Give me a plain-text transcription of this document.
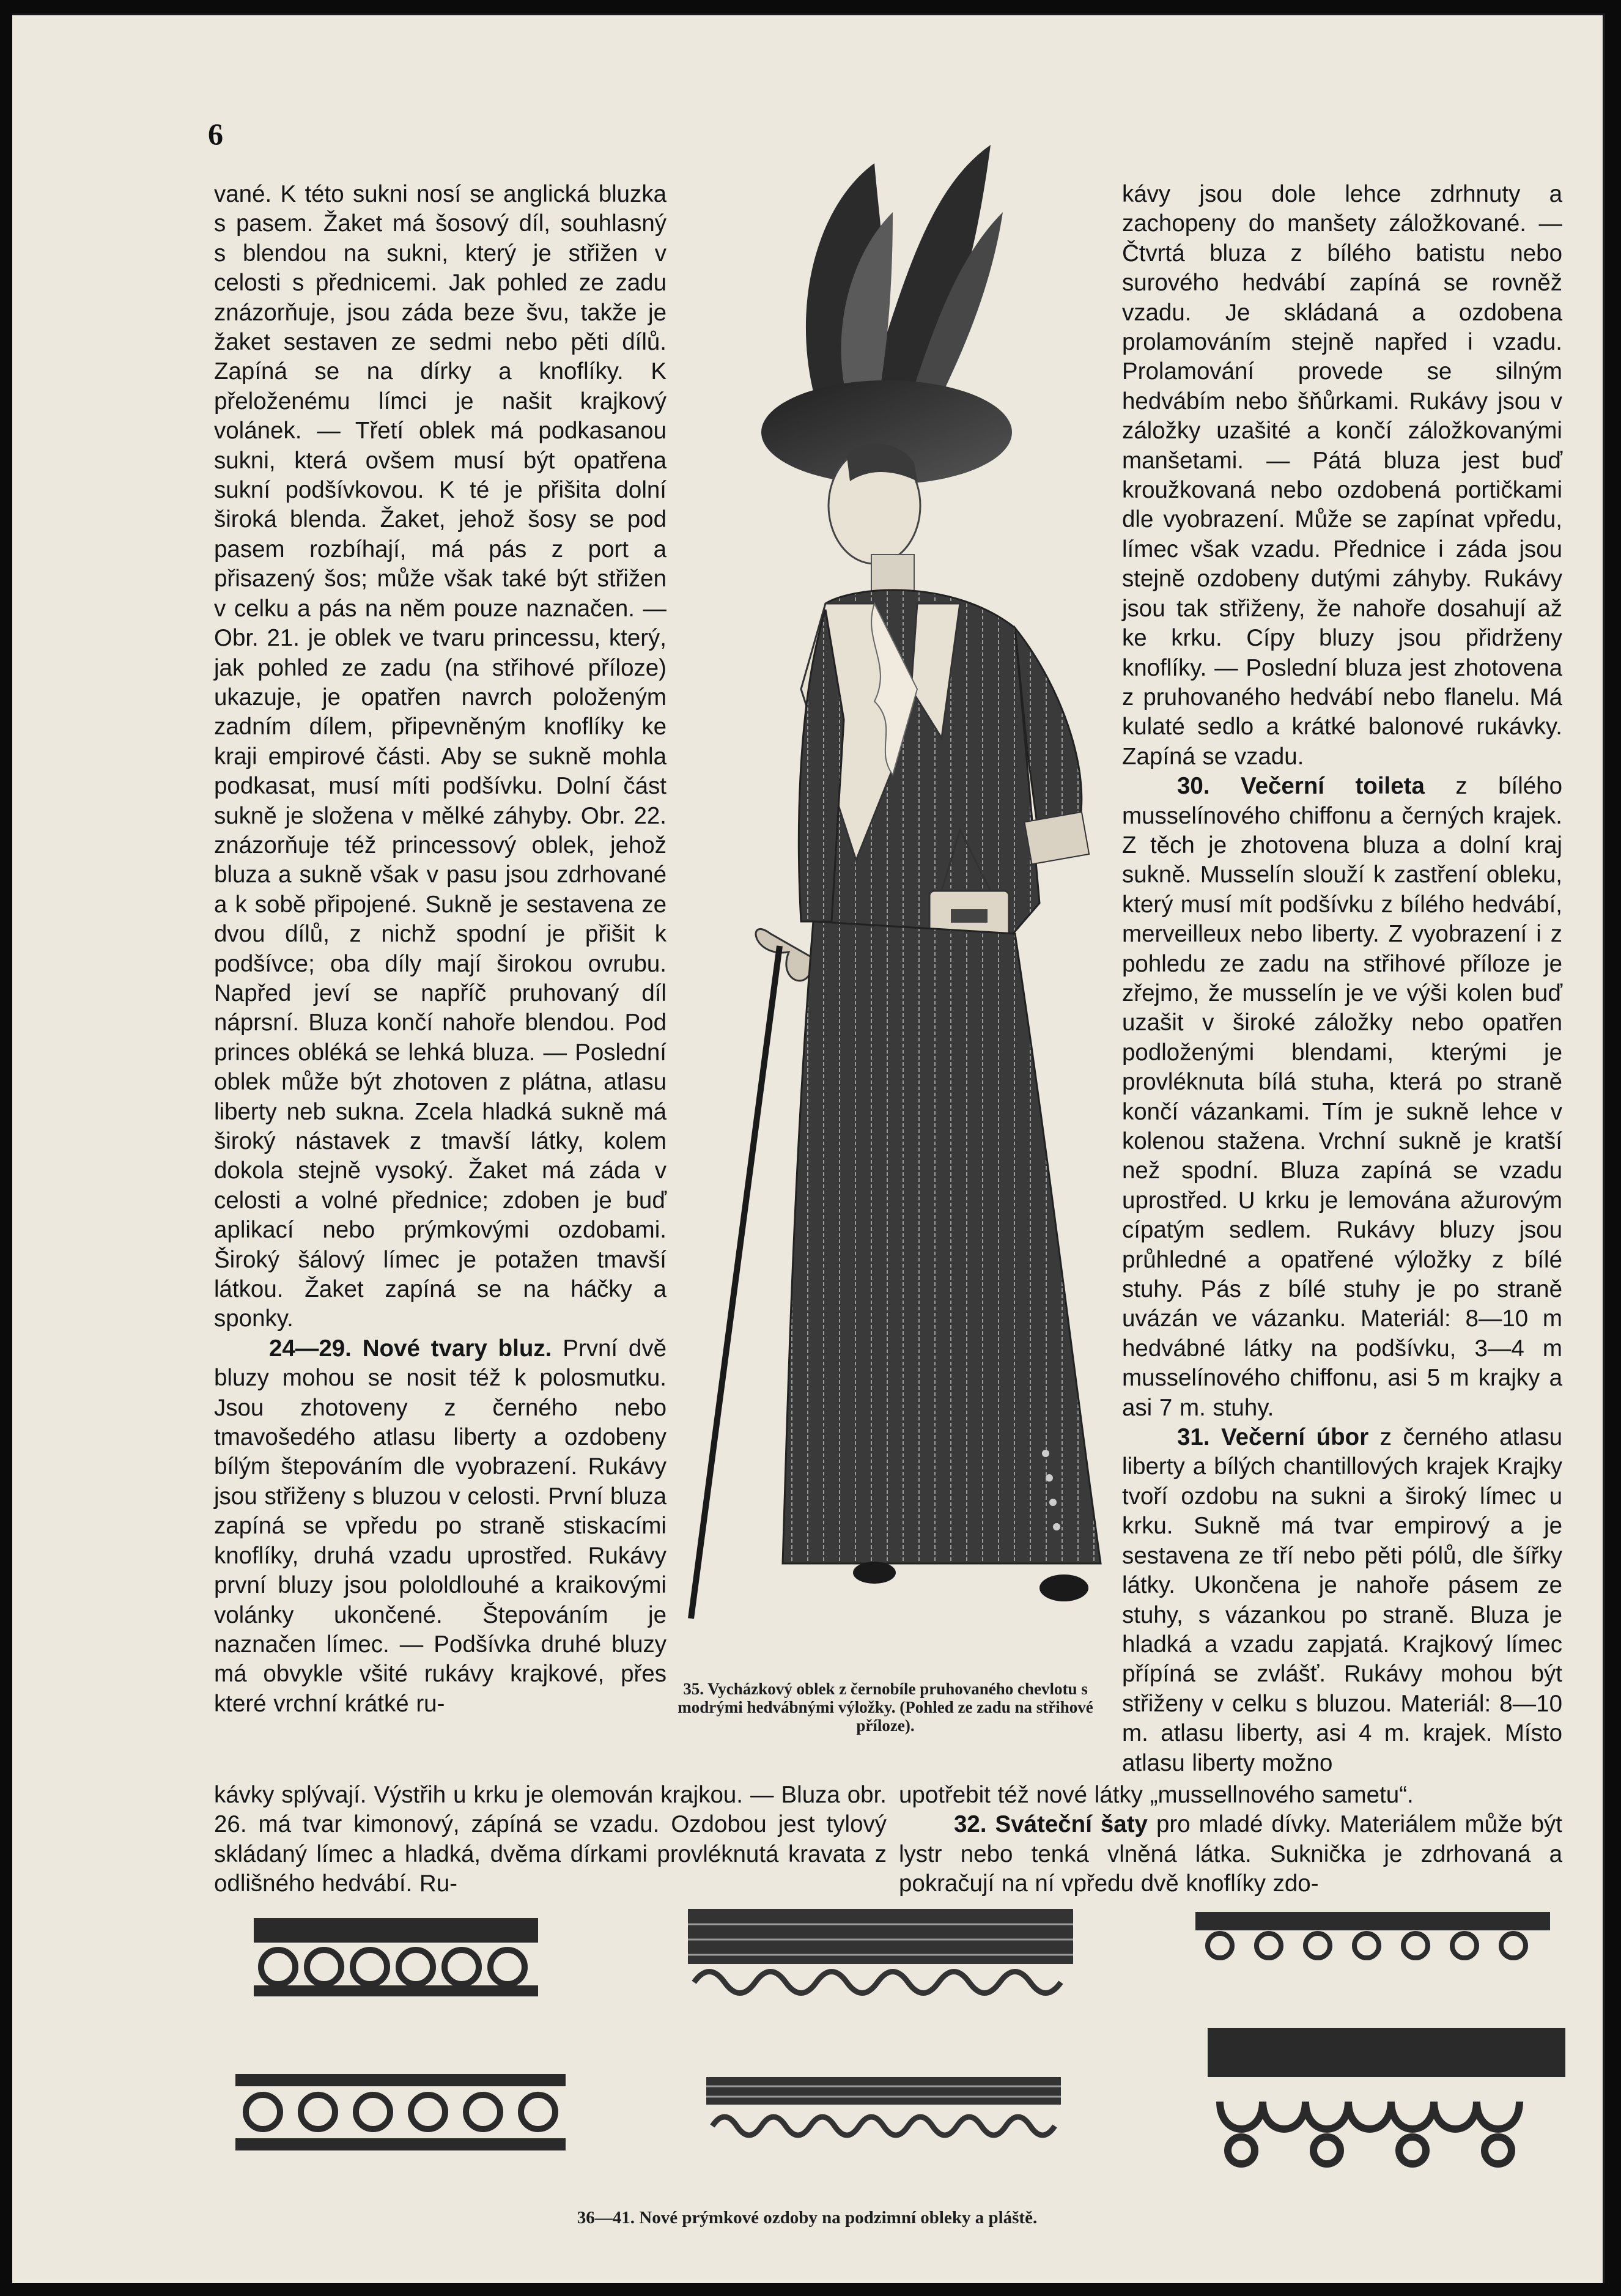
6

vané. K této sukni nosí se anglická bluzka s pasem. Žaket má šosový díl, souhlasný s blendou na sukni, který je střižen v celosti s přednicemi. Jak pohled ze zadu znázorňuje, jsou záda beze švu, takže je žaket sestaven ze sedmi nebo pěti dílů. Zapíná se na dírky a knoflíky. K přeloženému límci je našit krajkový volánek. — Třetí oblek má podkasanou sukni, která ovšem musí být opatřena sukní podšívkovou. K té je přišita dolní široká blenda. Žaket, jehož šosy se pod pasem rozbíhají, má pás z port a přisazený šos; může však také být střižen v celku a pás na něm pouze naznačen. — Obr. 21. je oblek ve tvaru princessu, který, jak pohled ze zadu (na střihové příloze) ukazuje, je opatřen navrch položeným zadním dílem, připevněným knoflíky ke kraji empirové části. Aby se sukně mohla podkasat, musí míti podšívku. Dolní část sukně je složena v mělké záhyby. Obr. 22. znázorňuje též princessový oblek, jehož bluza a sukně však v pasu jsou zdrhované a k sobě připojené. Sukně je sestavena ze dvou dílů, z nichž spodní je přišit k podšívce; oba díly mají širokou ovrubu. Napřed jeví se napříč pruhovaný díl náprsní. Bluza končí nahoře blendou. Pod princes obléká se lehká bluza. — Poslední oblek může být zhotoven z plátna, atlasu liberty neb sukna. Zcela hladká sukně má široký nástavek z tmavší látky, kolem dokola stejně vysoký. Žaket má záda v celosti a volné přednice; zdoben je buď aplikací nebo prýmkovými ozdobami. Široký šálový límec je potažen tmavší látkou. Žaket zapíná se na háčky a sponky.

24—29. Nové tvary bluz. První dvě bluzy mohou se nosit též k polosmutku. Jsou zhotoveny z černého nebo tmavošedého atlasu liberty a ozdobeny bílým štepováním dle vyobrazení. Rukávy jsou střiženy s bluzou v celosti. První bluza zapíná se vpředu po straně stiskacími knoflíky, druhá vzadu uprostřed. Rukávy první bluzy jsou pololdlouhé a kraikovými volánky ukončené. Štepováním je naznačen límec. — Podšívka druhé bluzy má obvykle všité rukávy krajkové, přes které vrchní krátké ru-

35. Vycházkový oblek z černobíle pruhovaného chevlotu s modrými hedvábnými výložky. (Pohled ze zadu na střihové příloze).

kávy jsou dole lehce zdrhnuty a zachopeny do manšety záložkované. — Čtvrtá bluza z bílého batistu nebo surového hedvábí zapíná se rovněž vzadu. Je skládaná a ozdobena prolamováním stejně napřed i vzadu. Prolamování provede se silným hedvábím nebo šňůrkami. Rukávy jsou v záložky uzašité a končí záložkovanými manšetami. — Pátá bluza jest buď kroužkovaná nebo ozdobená portičkami dle vyobrazení. Může se zapínat vpředu, límec však vzadu. Přednice i záda jsou stejně ozdobeny dutými záhyby. Rukávy jsou tak střiženy, že nahoře dosahují až ke krku. Cípy bluzy jsou přidrženy knoflíky. — Poslední bluza jest zhotovena z pruhovaného hedvábí nebo flanelu. Má kulaté sedlo a krátké balonové rukávky. Zapíná se vzadu.

30. Večerní toileta z bílého musselínového chiffonu a černých krajek. Z těch je zhotovena bluza a dolní kraj sukně. Musselín slouží k zastření obleku, který musí mít podšívku z bílého hedvábí, merveilleux nebo liberty. Z vyobrazení i z pohledu ze zadu na střihové příloze je zřejmo, že musselín je ve výši kolen buď uzašit v široké záložky nebo opatřen podloženými blendami, kterými je provléknuta bílá stuha, která po straně končí vázankami. Tím je sukně lehce v kolenou stažena. Vrchní sukně je kratší než spodní. Bluza zapíná se vzadu uprostřed. U krku je lemována ažurovým cípatým sedlem. Rukávy bluzy jsou průhledné a opatřené výložky z bílé stuhy. Pás z bílé stuhy je po straně uvázán ve vázanku. Materiál: 8—10 m hedvábné látky na podšívku, 3—4 m musselínového chiffonu, asi 5 m krajky a asi 7 m. stuhy.

31. Večerní úbor z černého atlasu liberty a bílých chantillových krajek Krajky tvoří ozdobu na sukni a široký límec u krku. Sukně má tvar empirový a je sestavena ze tří nebo pěti pólů, dle šířky látky. Ukončena je nahoře pásem ze stuhy, s vázankou po straně. Bluza je hladká a vzadu zapjatá. Krajkový límec přípíná se zvlášť. Rukávy mohou být střiženy v celku s bluzou. Materiál: 8—10 m. atlasu liberty, asi 4 m. krajek. Místo atlasu liberty možno

kávky splývají. Výstřih u krku je olemován krajkou. — Bluza obr. 26. má tvar kimonový, zápíná se vzadu. Ozdobou jest tylový skládaný límec a hladká, dvěma dírkami provléknutá kravata z odlišného hedvábí. Ru-

upotřebit též nové látky „mussellnového sametu“.

32. Sváteční šaty pro mladé dívky. Materiálem může být lystr nebo tenká vlněná látka. Suknička je zdrhovaná a pokračují na ní vpředu dvě knoflíky zdo-

36—41. Nové prýmkové ozdoby na podzimní obleky a pláště.
